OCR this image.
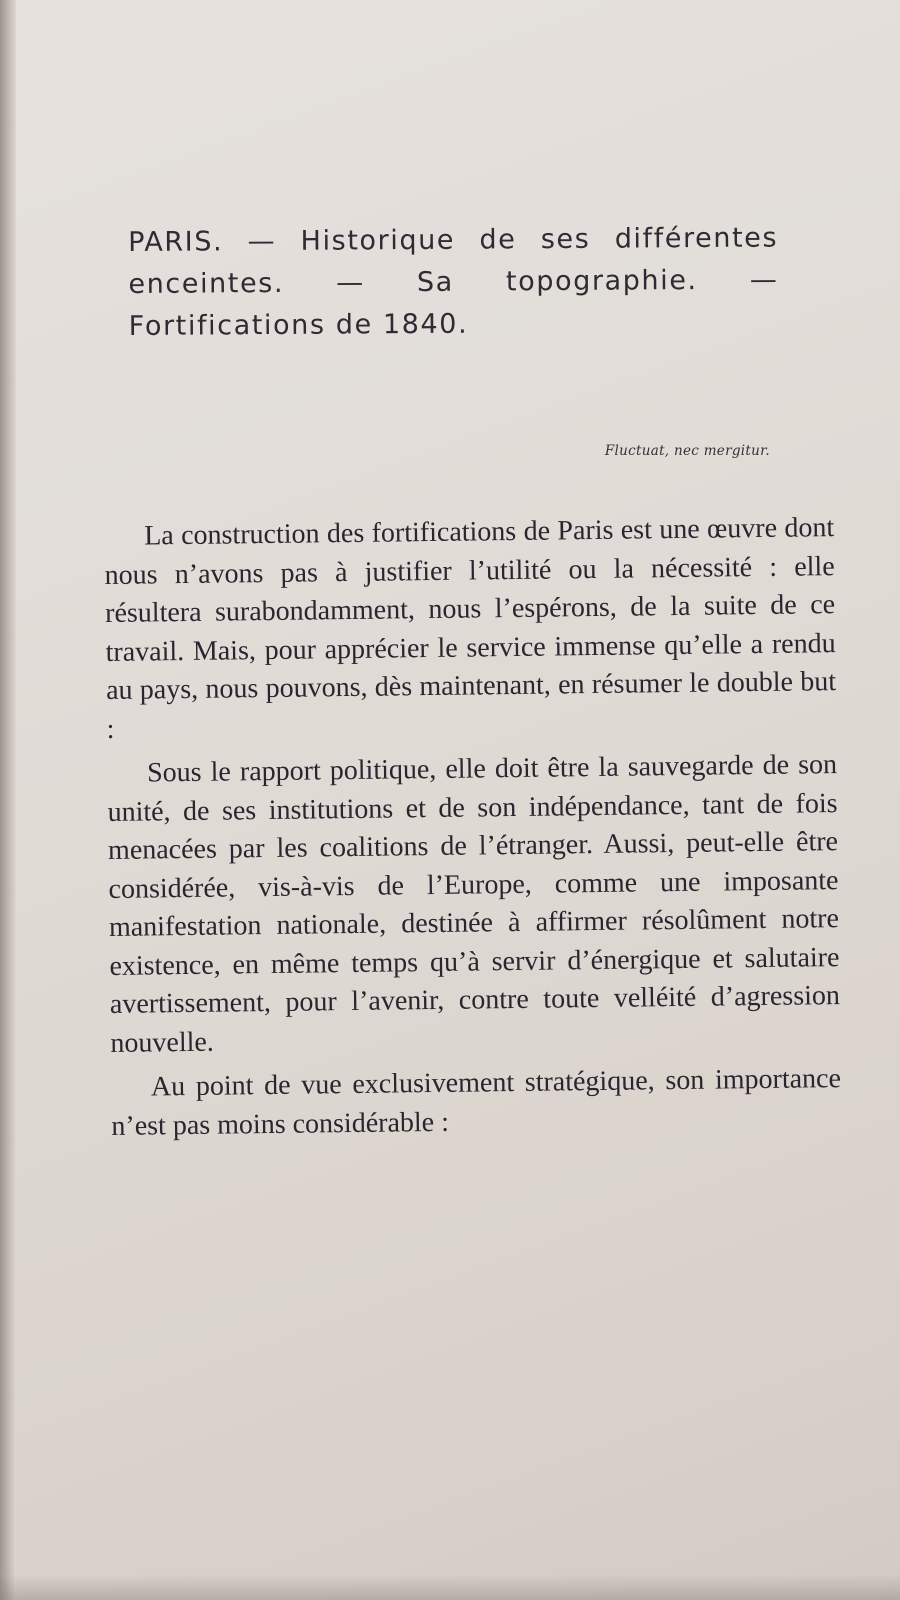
PARIS. — Historique de ses différentes enceintes. — Sa topographie. — Fortifications de 1840.

Fluctuat, nec mergitur.

La construction des fortifications de Paris est une œuvre dont nous n’avons pas à justifier l’utilité ou la nécessité : elle résultera surabondamment, nous l’espérons, de la suite de ce travail. Mais, pour apprécier le service immense qu’elle a rendu au pays, nous pouvons, dès maintenant, en résumer le double but :

Sous le rapport politique, elle doit être la sauvegarde de son unité, de ses institutions et de son indépendance, tant de fois menacées par les coalitions de l’étranger. Aussi, peut-elle être considérée, vis-à-vis de l’Europe, comme une imposante manifestation nationale, destinée à affirmer résolûment notre existence, en même temps qu’à servir d’énergique et salutaire avertissement, pour l’avenir, contre toute velléité d’agression nouvelle.

Au point de vue exclusivement stratégique, son importance n’est pas moins considérable :
